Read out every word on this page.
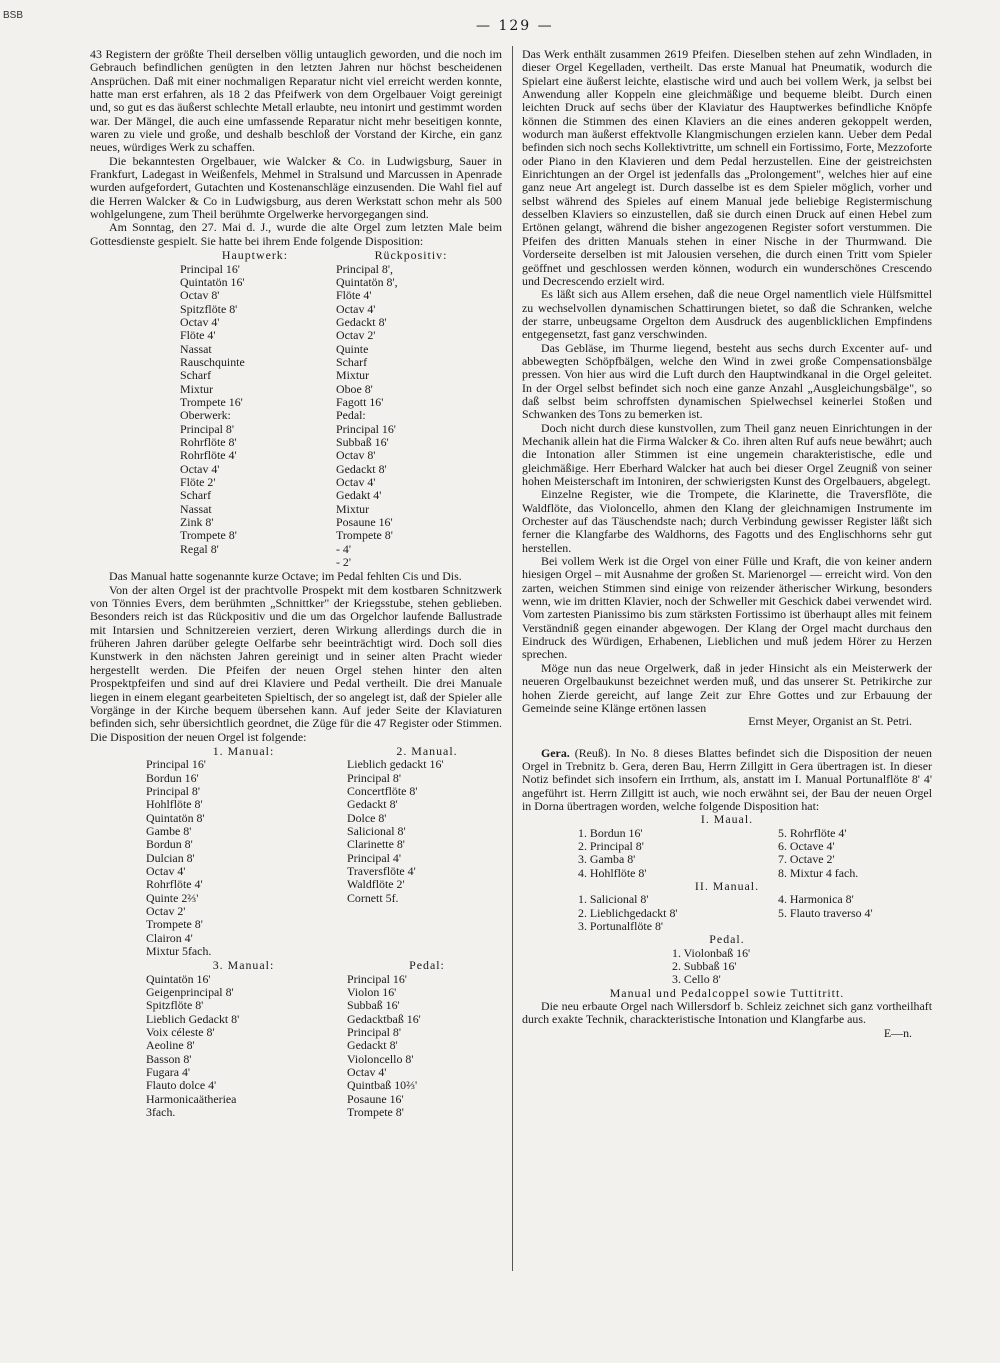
BSB
— 129 —

43 Registern der größte Theil derselben völlig untauglich geworden, und die noch im Gebrauch befindlichen genügten in den letzten Jahren nur höchst bescheidenen Ansprüchen. Daß mit einer nochmaligen Reparatur nicht viel erreicht werden konnte, hatte man erst erfahren, als 18 2 das Pfeifwerk von dem Orgelbauer Voigt gereinigt und, so gut es das äußerst schlechte Metall erlaubte, neu intonirt und gestimmt worden war. Der Mängel, die auch eine umfassende Reparatur nicht mehr beseitigen konnte, waren zu viele und große, und deshalb beschloß der Vorstand der Kirche, ein ganz neues, würdiges Werk zu schaffen.

Die bekanntesten Orgelbauer, wie Walcker & Co. in Ludwigsburg, Sauer in Frankfurt, Ladegast in Weißenfels, Mehmel in Stralsund und Marcussen in Apenrade wurden aufgefordert, Gutachten und Kostenanschläge einzusenden. Die Wahl fiel auf die Herren Walcker & Co in Ludwigsburg, aus deren Werkstatt schon mehr als 500 wohlgelungene, zum Theil berühmte Orgelwerke hervorgegangen sind.

Am Sonntag, den 27. Mai d. J., wurde die alte Orgel zum letzten Male beim Gottesdienste gespielt. Sie hatte bei ihrem Ende folgende Disposition:

Hauptwerk:	Rückpositiv:
Principal 16'	Principal 8',
Quintatön 16'	Quintatön 8',
Octav 8'	Flöte 4'
Spitzflöte 8'	Octav 4'
Octav 4'	Gedackt 8'
Flöte 4'	Octav 2'
Nassat	Quinte
Rauschquinte	Scharf
Scharf	Mixtur
Mixtur	Oboe 8'
Trompete 16'	Fagott 16'
Oberwerk:	Pedal:
Principal 8'	Principal 16'
Rohrflöte 8'	Subbaß 16'
Rohrflöte 4'	Octav 8'
Octav 4'	Gedackt 8'
Flöte 2'	Octav 4'
Scharf	Gedakt 4'
Nassat	Mixtur
Zink 8'	Posaune 16'
Trompete 8'	Trompete 8'
Regal 8'	- 4'
- 2'

Das Manual hatte sogenannte kurze Octave; im Pedal fehlten Cis und Dis.

Von der alten Orgel ist der prachtvolle Prospekt mit dem kostbaren Schnitzwerk von Tönnies Evers, dem berühmten „Schnittker" der Kriegsstube, stehen geblieben. Besonders reich ist das Rückpositiv und die um das Orgelchor laufende Ballustrade mit Intarsien und Schnitzereien verziert, deren Wirkung allerdings durch die in früheren Jahren darüber gelegte Oelfarbe sehr beeinträchtigt wird. Doch soll dies Kunstwerk in den nächsten Jahren gereinigt und in seiner alten Pracht wieder hergestellt werden. Die Pfeifen der neuen Orgel stehen hinter den alten Prospektpfeifen und sind auf drei Klaviere und Pedal vertheilt. Die drei Manuale liegen in einem elegant gearbeiteten Spieltisch, der so angelegt ist, daß der Spieler alle Vorgänge in der Kirche bequem übersehen kann. Auf jeder Seite der Klaviaturen befinden sich, sehr übersichtlich geordnet, die Züge für die 47 Register oder Stimmen. Die Disposition der neuen Orgel ist folgende:

1. Manual:	2. Manual.
Principal 16'	Lieblich gedackt 16'
Bordun 16'	Principal 8'
Principal 8'	Concertflöte 8'
Hohlflöte 8'	Gedackt 8'
Quintatön 8'	Dolce 8'
Gambe 8'	Salicional 8'
Bordun 8'	Clarinette 8'
Dulcian 8'	Principal 4'
Octav 4'	Traversflöte 4'
Rohrflöte 4'	Waldflöte 2'
Quinte 2⅔'	Cornett 5f.
Octav 2'
Trompete 8'
Clairon 4'
Mixtur 5fach.
3. Manual:	Pedal:
Quintatön 16'	Principal 16'
Geigenprincipal 8'	Violon 16'
Spitzflöte 8'	Subbaß 16'
Lieblich Gedackt 8'	Gedacktbaß 16'
Voix céleste 8'	Principal 8'
Aeoline 8'	Gedackt 8'
Basson 8'	Violoncello 8'
Fugara 4'	Octav 4'
Flauto dolce 4'	Quintbaß 10⅔'
Harmonicaätheriea	Posaune 16'
3fach.	Trompete 8'

Das Werk enthält zusammen 2619 Pfeifen. Dieselben stehen auf zehn Windladen, in dieser Orgel Kegelladen, vertheilt. Das erste Manual hat Pneumatik, wodurch die Spielart eine äußerst leichte, elastische wird und auch bei vollem Werk, ja selbst bei Anwendung aller Koppeln eine gleichmäßige und bequeme bleibt. Durch einen leichten Druck auf sechs über der Klaviatur des Hauptwerkes befindliche Knöpfe können die Stimmen des einen Klaviers an die eines anderen gekoppelt werden, wodurch man äußerst effektvolle Klangmischungen erzielen kann. Ueber dem Pedal befinden sich noch sechs Kollektivtritte, um schnell ein Fortissimo, Forte, Mezzoforte oder Piano in den Klavieren und dem Pedal herzustellen. Eine der geistreichsten Einrichtungen an der Orgel ist jedenfalls das „Prolongement", welches hier auf eine ganz neue Art angelegt ist. Durch dasselbe ist es dem Spieler möglich, vorher und selbst während des Spieles auf einem Manual jede beliebige Registermischung desselben Klaviers so einzustellen, daß sie durch einen Druck auf einen Hebel zum Ertönen gelangt, während die bisher angezogenen Register sofort verstummen. Die Pfeifen des dritten Manuals stehen in einer Nische in der Thurmwand. Die Vorderseite derselben ist mit Jalousien versehen, die durch einen Tritt vom Spieler geöffnet und geschlossen werden können, wodurch ein wunderschönes Crescendo und Decrescendo erzielt wird.

Es läßt sich aus Allem ersehen, daß die neue Orgel namentlich viele Hülfsmittel zu wechselvollen dynamischen Schattirungen bietet, so daß die Schranken, welche der starre, unbeugsame Orgelton dem Ausdruck des augenblicklichen Empfindens entgegensetzt, fast ganz verschwinden.

Das Gebläse, im Thurme liegend, besteht aus sechs durch Excenter auf- und abbewegten Schöpfbälgen, welche den Wind in zwei große Compensationsbälge pressen. Von hier aus wird die Luft durch den Hauptwindkanal in die Orgel geleitet. In der Orgel selbst befindet sich noch eine ganze Anzahl „Ausgleichungsbälge", so daß selbst beim schroffsten dynamischen Spielwechsel keinerlei Stoßen und Schwanken des Tons zu bemerken ist.

Doch nicht durch diese kunstvollen, zum Theil ganz neuen Einrichtungen in der Mechanik allein hat die Firma Walcker & Co. ihren alten Ruf aufs neue bewährt; auch die Intonation aller Stimmen ist eine ungemein charakteristische, edle und gleichmäßige. Herr Eberhard Walcker hat auch bei dieser Orgel Zeugniß von seiner hohen Meisterschaft im Intoniren, der schwierigsten Kunst des Orgelbauers, abgelegt.

Einzelne Register, wie die Trompete, die Klarinette, die Traversflöte, die Waldflöte, das Violoncello, ahmen den Klang der gleichnamigen Instrumente im Orchester auf das Täuschendste nach; durch Verbindung gewisser Register läßt sich ferner die Klangfarbe des Waldhorns, des Fagotts und des Englischhorns sehr gut herstellen.

Bei vollem Werk ist die Orgel von einer Fülle und Kraft, die von keiner andern hiesigen Orgel – mit Ausnahme der großen St. Marienorgel — erreicht wird. Von den zarten, weichen Stimmen sind einige von reizender ätherischer Wirkung, besonders wenn, wie im dritten Klavier, noch der Schweller mit Geschick dabei verwendet wird. Vom zartesten Pianissimo bis zum stärksten Fortissimo ist überhaupt alles mit feinem Verständniß gegen einander abgewogen. Der Klang der Orgel macht durchaus den Eindruck des Würdigen, Erhabenen, Lieblichen und muß jedem Hörer zu Herzen sprechen.

Möge nun das neue Orgelwerk, daß in jeder Hinsicht als ein Meisterwerk der neueren Orgelbaukunst bezeichnet werden muß, und das unserer St. Petrikirche zur hohen Zierde gereicht, auf lange Zeit zur Ehre Gottes und zur Erbauung der Gemeinde seine Klänge ertönen lassen

Ernst Meyer, Organist an St. Petri.

Gera. (Reuß). In No. 8 dieses Blattes befindet sich die Disposition der neuen Orgel in Trebnitz b. Gera, deren Bau, Herrn Zillgitt in Gera übertragen ist. In dieser Notiz befindet sich insofern ein Irrthum, als, anstatt im I. Manual Portunalflöte 8' 4' angeführt ist. Herrn Zillgitt ist auch, wie noch erwähnt sei, der Bau der neuen Orgel in Dorna übertragen worden, welche folgende Disposition hat:

I. Maual.

1. Bordun 16'	5. Rohrflöte 4'
2. Principal 8'	6. Octave 4'
3. Gamba 8'	7. Octave 2'
4. Hohlflöte 8'	8. Mixtur 4 fach.

II. Manual.

1. Salicional 8'	4. Harmonica 8'
2. Lieblichgedackt 8'	5. Flauto traverso 4'
3. Portunalflöte 8'

Pedal.

1. Violonbaß 16'
2. Subbaß 16'
3. Cello 8'

Manual und Pedalcoppel sowie Tuttitritt.

Die neu erbaute Orgel nach Willersdorf b. Schleiz zeichnet sich ganz vortheilhaft durch exakte Technik, charackteristische Intonation und Klangfarbe aus.

E—n.
